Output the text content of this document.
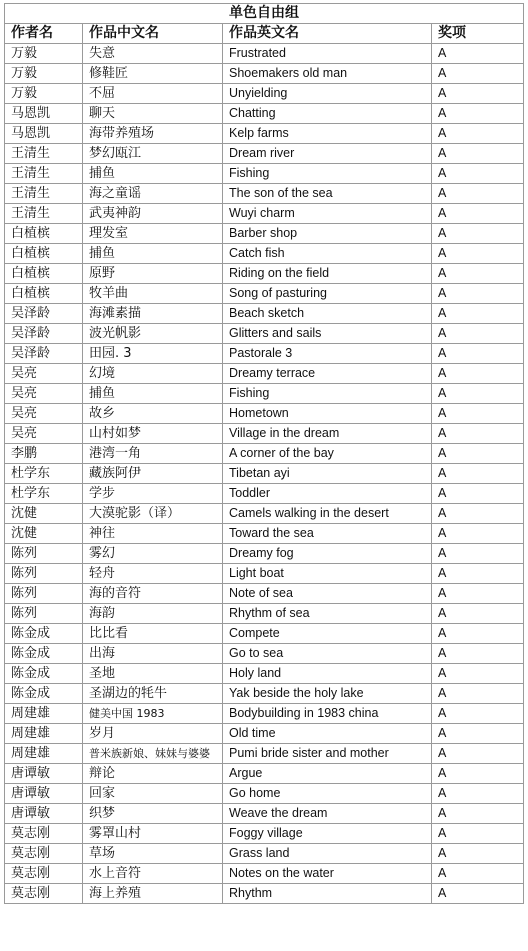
单色自由组			
作者名	作品中文名	作品英文名	奖项
万毅	失意	Frustrated	A
万毅	修鞋匠	Shoemakers old man	A
万毅	不屈	Unyielding	A
马恩凯	聊天	Chatting	A
马恩凯	海带养殖场	Kelp farms	A
王清生	梦幻瓯江	Dream river	A
王清生	捕鱼	Fishing	A
王清生	海之童谣	The son of the sea	A
王清生	武夷神韵	Wuyi charm	A
白植槟	理发室	Barber shop	A
白植槟	捕鱼	Catch fish	A
白植槟	原野	Riding on the field	A
白植槟	牧羊曲	Song of pasturing	A
吴泽龄	海滩素描	Beach sketch	A
吴泽龄	波光帆影	Glitters and sails	A
吴泽龄	田园. 3	Pastorale 3	A
吴亮	幻境	Dreamy terrace	A
吴亮	捕鱼	Fishing	A
吴亮	故乡	Hometown	A
吴亮	山村如梦	Village in the dream	A
李鹏	港湾一角	A corner of the bay	A
杜学东	藏族阿伊	Tibetan ayi	A
杜学东	学步	Toddler	A
沈健	大漠驼影（译）	Camels walking in the desert	A
沈健	神往	Toward the sea	A
陈列	雾幻	Dreamy fog	A
陈列	轻舟	Light boat	A
陈列	海的音符	Note of sea	A
陈列	海韵	Rhythm of sea	A
陈金成	比比看	Compete	A
陈金成	出海	Go to sea	A
陈金成	圣地	Holy land	A
陈金成	圣湖边的牦牛	Yak beside the holy lake	A
周建雄	健美中国 1983	Bodybuilding in 1983 china	A
周建雄	岁月	Old time	A
周建雄	普米族新娘、妹妹与婆婆	Pumi bride sister and mother	A
唐谭敏	辩论	Argue	A
唐谭敏	回家	Go home	A
唐谭敏	织梦	Weave the dream	A
莫志刚	雾罩山村	Foggy village	A
莫志刚	草场	Grass land	A
莫志刚	水上音符	Notes on the water	A
莫志刚	海上养殖	Rhythm	A
